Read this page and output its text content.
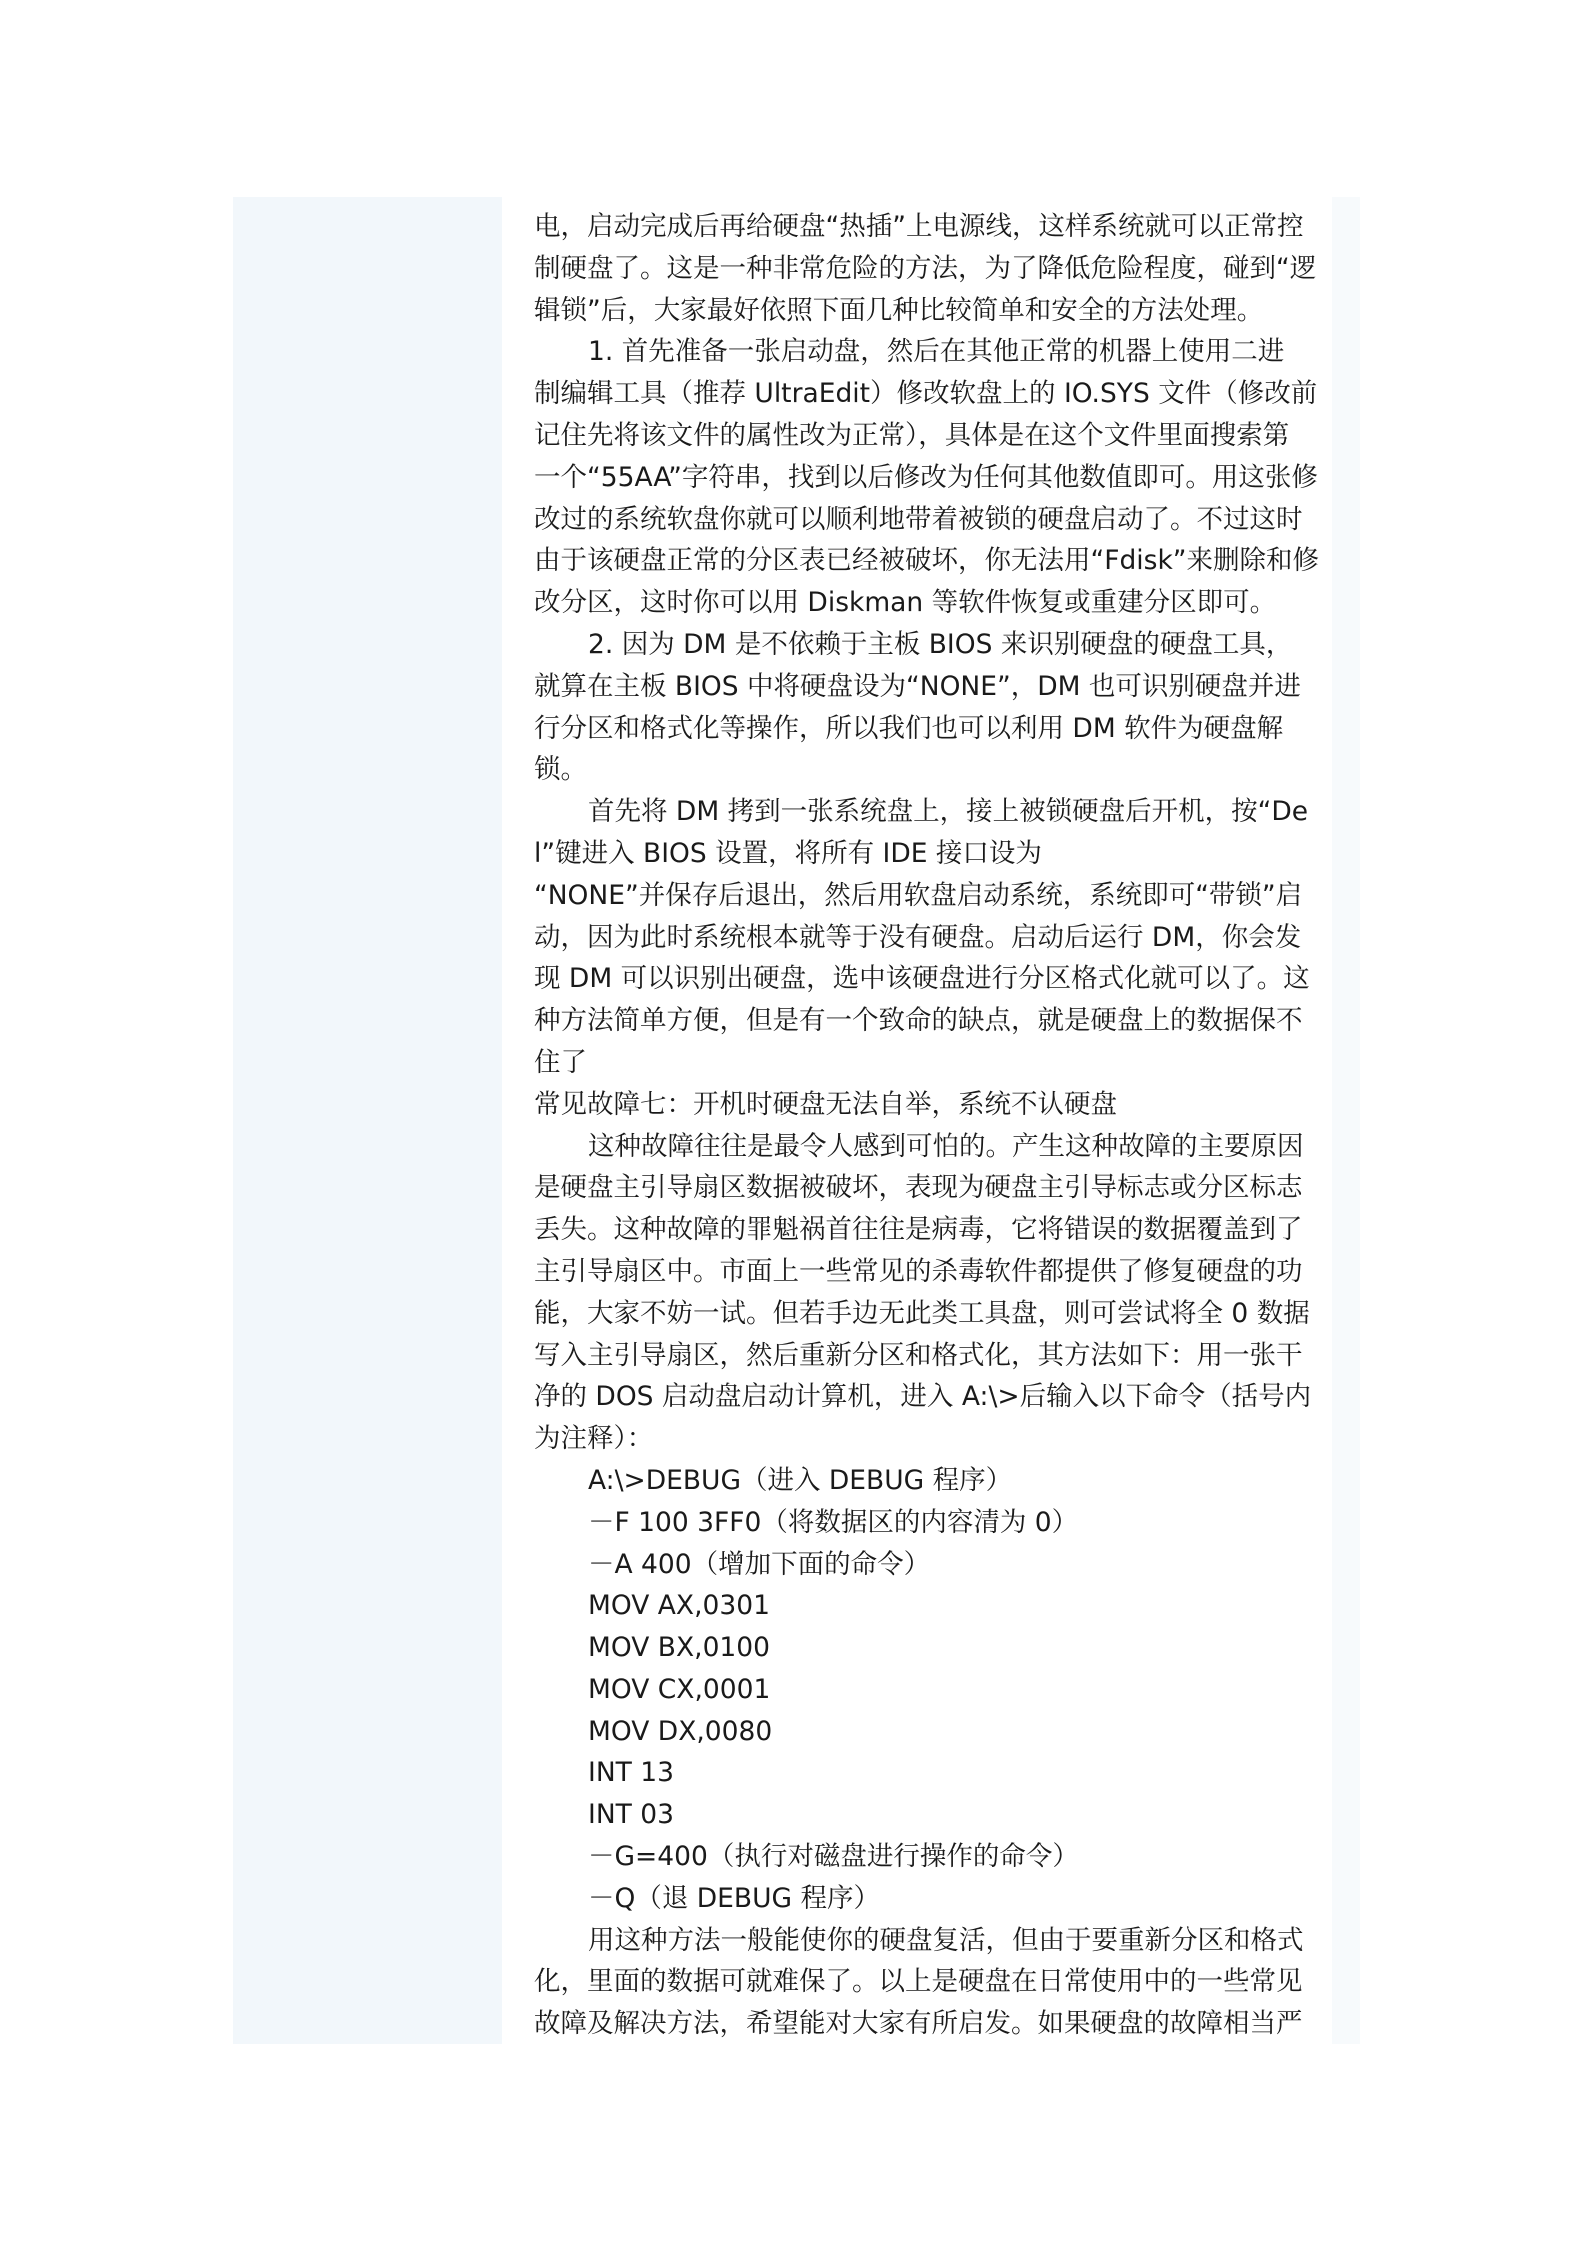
电，启动完成后再给硬盘“热插”上电源线，这样系统就可以正常控
制硬盘了。这是一种非常危险的方法，为了降低危险程度，碰到“逻
辑锁”后，大家最好依照下面几种比较简单和安全的方法处理。
1. 首先准备一张启动盘，然后在其他正常的机器上使用二进
制编辑工具（推荐 UltraEdit）修改软盘上的 IO.SYS 文件（修改前
记住先将该文件的属性改为正常），具体是在这个文件里面搜索第
一个“55AA”字符串，找到以后修改为任何其他数值即可。用这张修
改过的系统软盘你就可以顺利地带着被锁的硬盘启动了。不过这时
由于该硬盘正常的分区表已经被破坏，你无法用“Fdisk”来删除和修
改分区，这时你可以用 Diskman 等软件恢复或重建分区即可。
2. 因为 DM 是不依赖于主板 BIOS 来识别硬盘的硬盘工具，
就算在主板 BIOS 中将硬盘设为“NONE”，DM 也可识别硬盘并进
行分区和格式化等操作，所以我们也可以利用 DM 软件为硬盘解
锁。
首先将 DM 拷到一张系统盘上，接上被锁硬盘后开机，按“De
l”键进入 BIOS 设置，将所有 IDE 接口设为
“NONE”并保存后退出，然后用软盘启动系统，系统即可“带锁”启
动，因为此时系统根本就等于没有硬盘。启动后运行 DM，你会发
现 DM 可以识别出硬盘，选中该硬盘进行分区格式化就可以了。这
种方法简单方便，但是有一个致命的缺点，就是硬盘上的数据保不
住了
常见故障七：开机时硬盘无法自举，系统不认硬盘
这种故障往往是最令人感到可怕的。产生这种故障的主要原因
是硬盘主引导扇区数据被破坏，表现为硬盘主引导标志或分区标志
丢失。这种故障的罪魁祸首往往是病毒，它将错误的数据覆盖到了
主引导扇区中。市面上一些常见的杀毒软件都提供了修复硬盘的功
能，大家不妨一试。但若手边无此类工具盘，则可尝试将全 0 数据
写入主引导扇区，然后重新分区和格式化，其方法如下：用一张干
净的 DOS 启动盘启动计算机，进入 A:\>后输入以下命令（括号内
为注释）：
A:\>DEBUG（进入 DEBUG 程序）
－F 100 3FF0（将数据区的内容清为 0）
－A 400（增加下面的命令）
MOV AX,0301
MOV BX,0100
MOV CX,0001
MOV DX,0080
INT 13
INT 03
－G=400（执行对磁盘进行操作的命令）
－Q（退 DEBUG 程序）
用这种方法一般能使你的硬盘复活，但由于要重新分区和格式
化，里面的数据可就难保了。以上是硬盘在日常使用中的一些常见
故障及解决方法，希望能对大家有所启发。如果硬盘的故障相当严
